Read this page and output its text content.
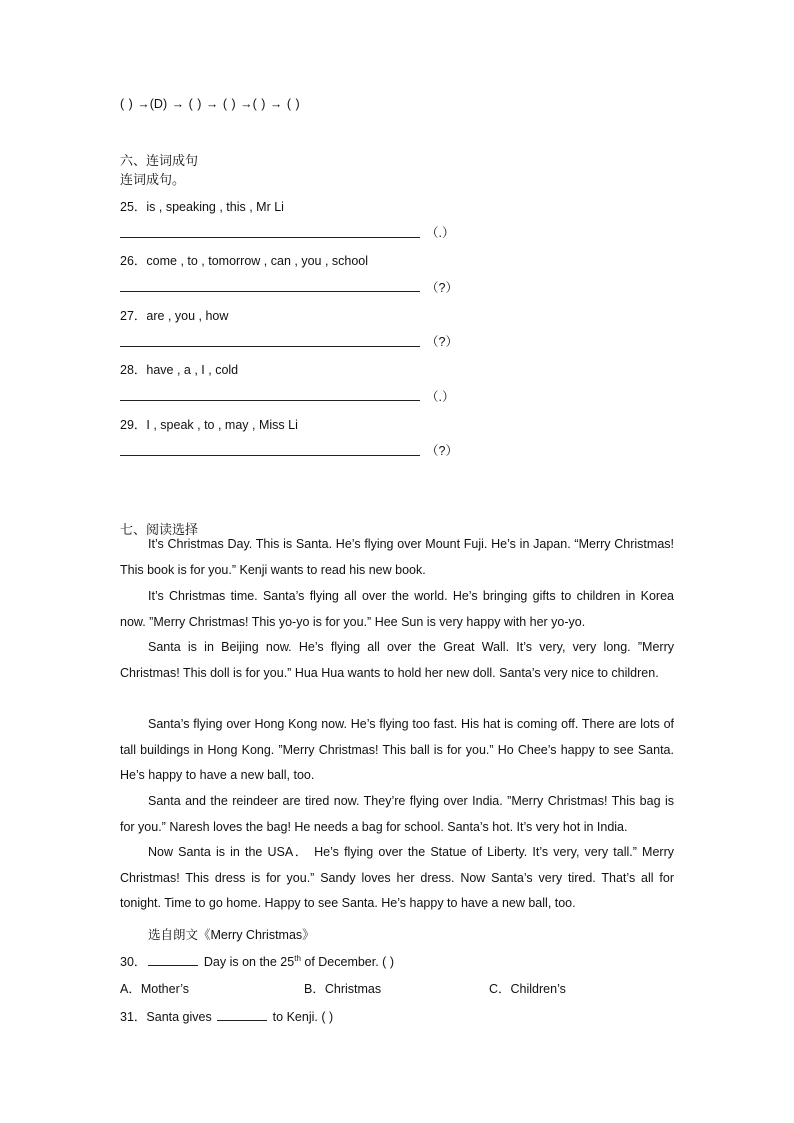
( ) →(D) → ( ) → ( ) →( ) → ( )
六、连词成句
连词成句。
25．is , speaking , this , Mr Li
（.）
26．come , to , tomorrow , can , you , school
（?）
27．are , you , how
（?）
28．have , a , I , cold
（.）
29．I , speak , to , may , Miss Li
（?）
七、阅读选择
It’s Christmas Day. This is Santa. He’s flying over Mount Fuji. He’s in Japan. “Merry Christmas! This book is for you.” Kenji wants to read his new book.
It’s Christmas time. Santa’s flying all over the world. He’s bringing gifts to children in Korea now. ”Merry Christmas! This yo-yo is for you.” Hee Sun is very happy with her yo-yo.
Santa is in Beijing now. He’s flying all over the Great Wall. It’s very, very long. ”Merry Christmas! This doll is for you.” Hua Hua wants to hold her new doll. Santa’s very nice to children.
Santa’s flying over Hong Kong now. He’s flying too fast. His hat is coming off. There are lots of tall buildings in Hong Kong. ”Merry Christmas! This ball is for you.” Ho Chee’s happy to see Santa. He’s happy to have a new ball, too.
Santa and the reindeer are tired now. They’re flying over India. ”Merry Christmas! This bag is for you.” Naresh loves the bag! He needs a bag for school. Santa’s hot. It’s very hot in India.
Now Santa is in the USA． He’s flying over the Statue of Liberty. It’s very, very tall.” Merry Christmas! This dress is for you.” Sandy loves her dress. Now Santa’s very tired. That’s all for tonight. Time to go home. Happy to see Santa. He’s happy to have a new ball, too.
选自朗文《Merry Christmas》
30．	Day is on the 25th of December. ( )
A．Mother’s	B．Christmas	C．Children’s
31．Santa gives	to Kenji. ( )
